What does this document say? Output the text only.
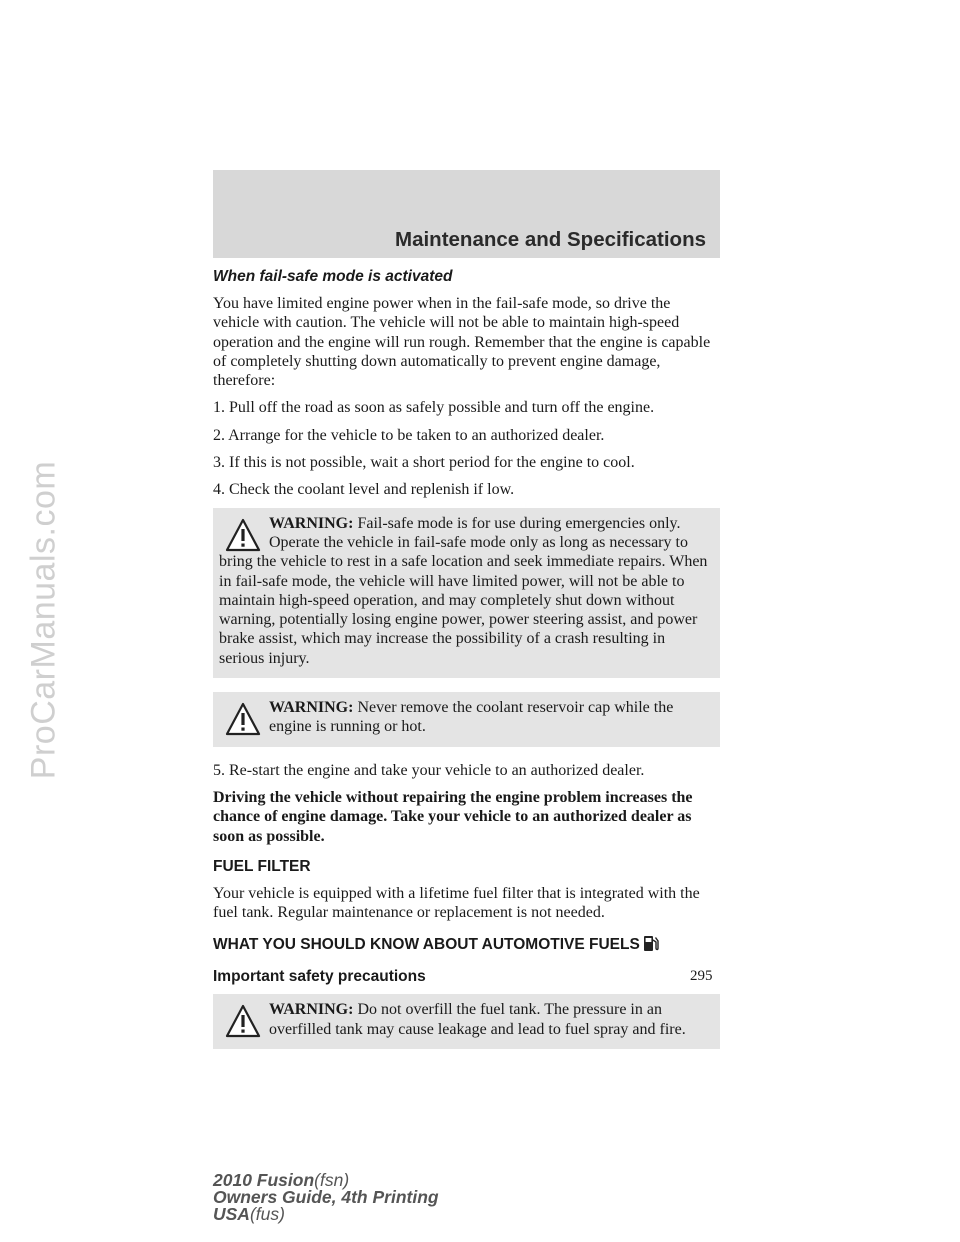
ProCarManuals.com
Maintenance and Specifications
When fail-safe mode is activated

You have limited engine power when in the fail-safe mode, so drive the vehicle with caution. The vehicle will not be able to maintain high-speed operation and the engine will run rough. Remember that the engine is capable of completely shutting down automatically to prevent engine damage, therefore:

1. Pull off the road as soon as safely possible and turn off the engine.

2. Arrange for the vehicle to be taken to an authorized dealer.

3. If this is not possible, wait a short period for the engine to cool.

4. Check the coolant level and replenish if low.

WARNING: Fail-safe mode is for use during emergencies only. Operate the vehicle in fail-safe mode only as long as necessary to bring the vehicle to rest in a safe location and seek immediate repairs. When in fail-safe mode, the vehicle will have limited power, will not be able to maintain high-speed operation, and may completely shut down without warning, potentially losing engine power, power steering assist, and power brake assist, which may increase the possibility of a crash resulting in serious injury.
WARNING: Never remove the coolant reservoir cap while the engine is running or hot.

5. Re-start the engine and take your vehicle to an authorized dealer.

Driving the vehicle without repairing the engine problem increases the chance of engine damage. Take your vehicle to an authorized dealer as soon as possible.

FUEL FILTER

Your vehicle is equipped with a lifetime fuel filter that is integrated with the fuel tank. Regular maintenance or replacement is not needed.

WHAT YOU SHOULD KNOW ABOUT AUTOMOTIVE FUELS
Important safety precautions
WARNING: Do not overfill the fuel tank. The pressure in an overfilled tank may cause leakage and lead to fuel spray and fire.
295
2010 Fusion(fsn)
Owners Guide, 4th Printing
USA(fus)
